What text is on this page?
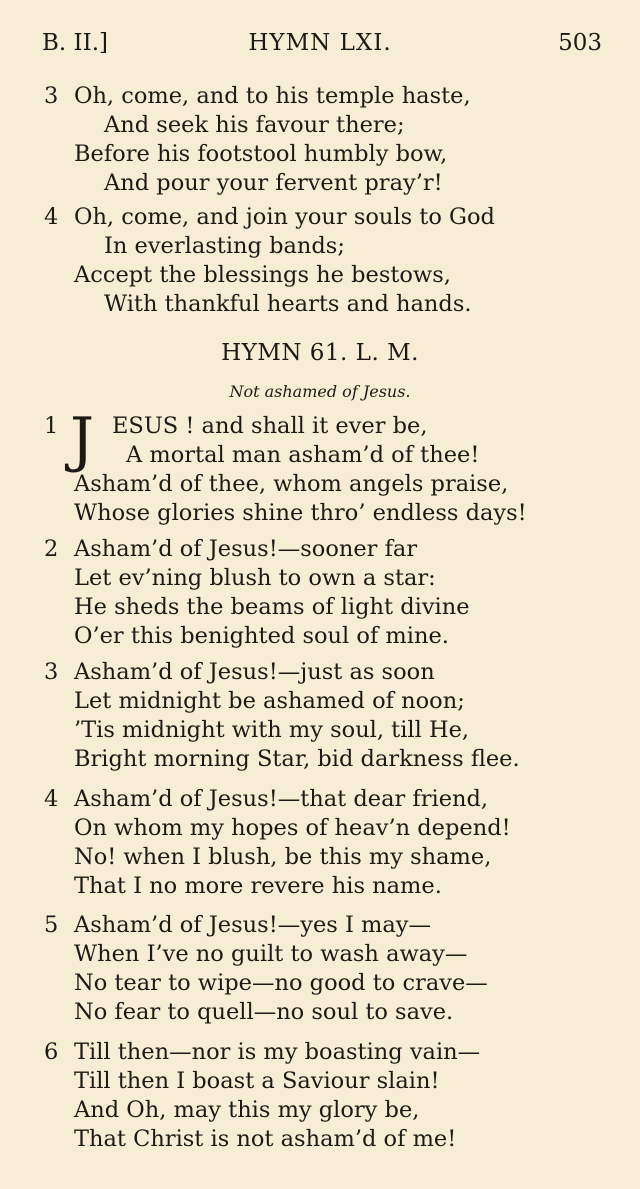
B. II.]	HYMN LXI.	503
3 Oh, come, and to his temple haste,
And seek his favour there;
Before his footstool humbly bow,
And pour your fervent pray’r!
4 Oh, come, and join your souls to God
In everlasting bands;
Accept the blessings he bestows,
With thankful hearts and hands.
HYMN 61. L. M.
Not ashamed of Jesus.
1 J ESUS ! and shall it ever be,
A mortal man asham’d of thee!
Asham’d of thee, whom angels praise,
Whose glories shine thro’ endless days!
2 Asham’d of Jesus!—sooner far
Let ev’ning blush to own a star:
He sheds the beams of light divine
O’er this benighted soul of mine.
3 Asham’d of Jesus!—just as soon
Let midnight be ashamed of noon;
’Tis midnight with my soul, till He,
Bright morning Star, bid darkness flee.
4 Asham’d of Jesus!—that dear friend,
On whom my hopes of heav’n depend!
No! when I blush, be this my shame,
That I no more revere his name.
5 Asham’d of Jesus!—yes I may—
When I’ve no guilt to wash away—
No tear to wipe—no good to crave—
No fear to quell—no soul to save.
6 Till then—nor is my boasting vain—
Till then I boast a Saviour slain!
And Oh, may this my glory be,
That Christ is not asham’d of me!
